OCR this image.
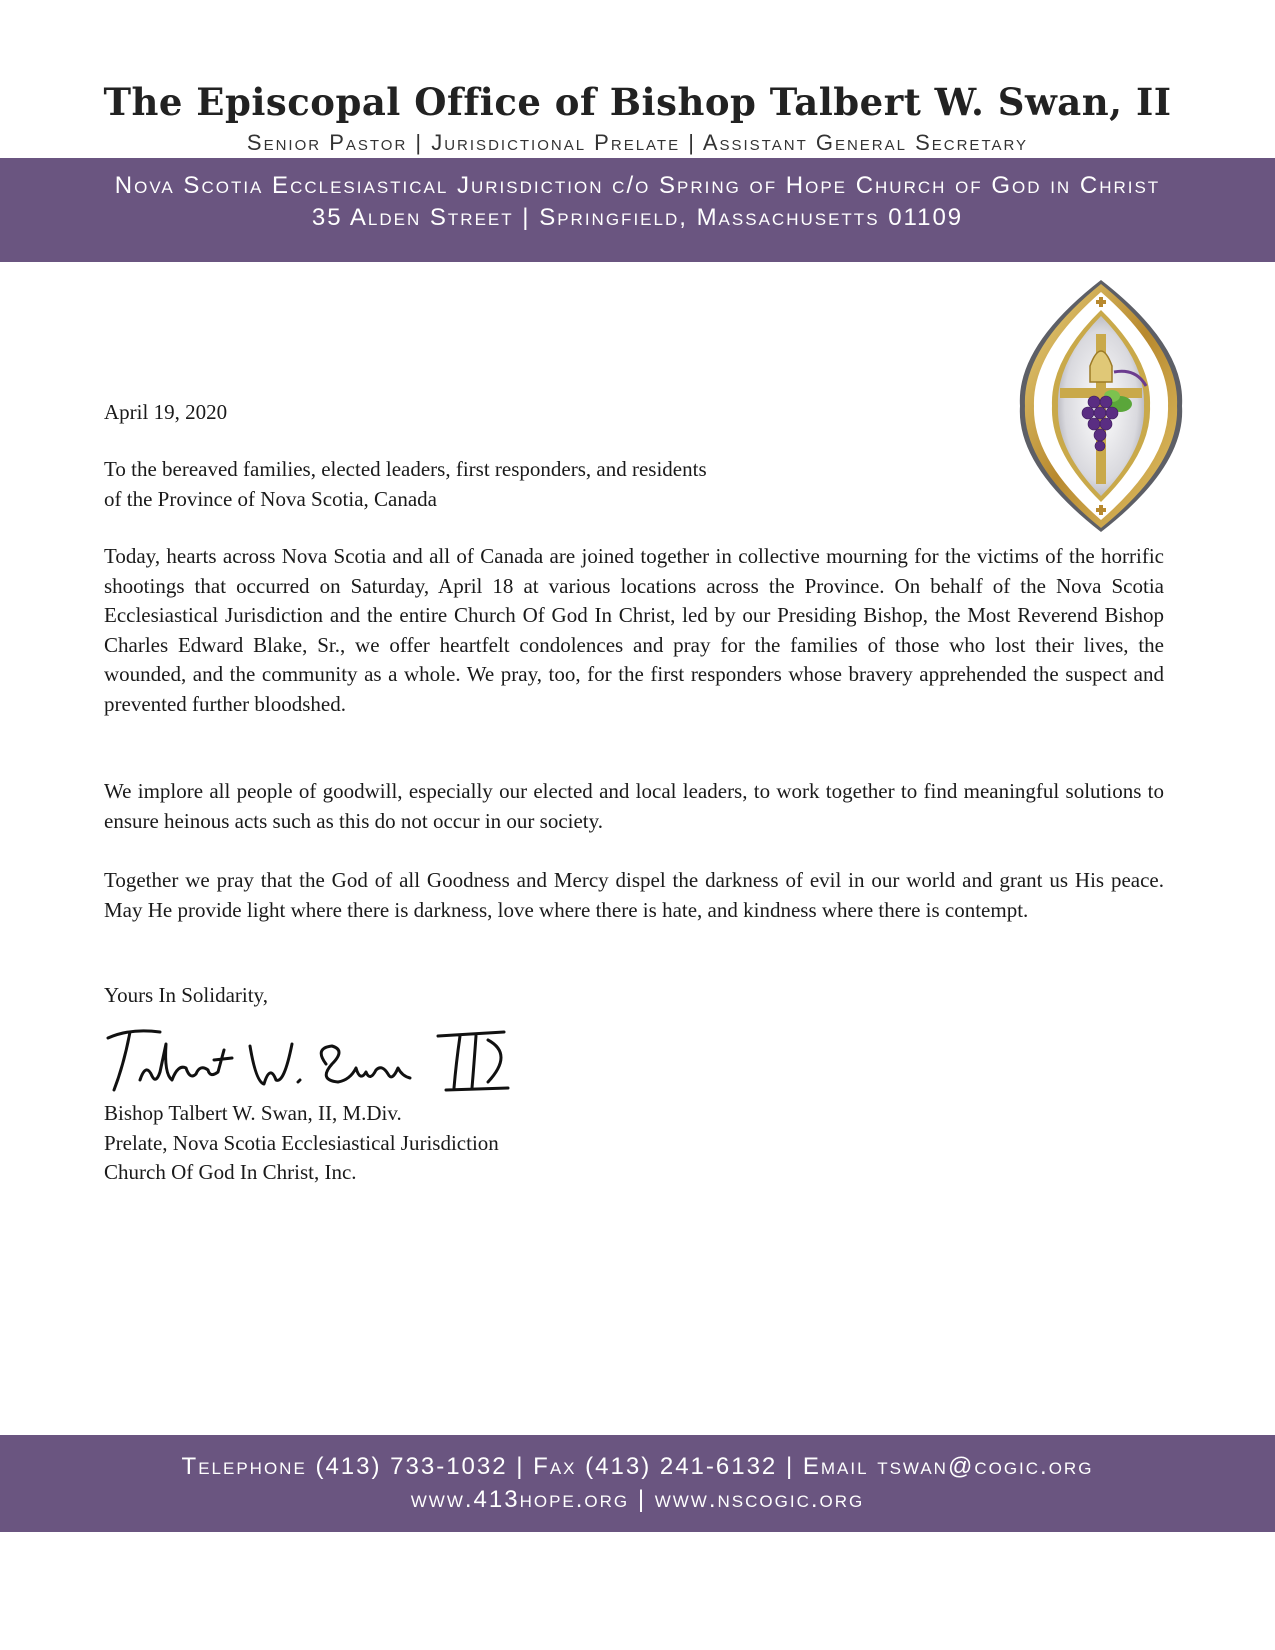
The Episcopal Office of Bishop Talbert W. Swan, II
Senior Pastor | Jurisdictional Prelate | Assistant General Secretary
Nova Scotia Ecclesiastical Jurisdiction c/o Spring of Hope Church of God in Christ
35 Alden Street | Springfield, Massachusetts 01109
April 19, 2020
To the bereaved families, elected leaders, first responders, and residents
of the Province of Nova Scotia, Canada
Today, hearts across Nova Scotia and all of Canada are joined together in collective mourning for the victims of the horrific shootings that occurred on Saturday, April 18 at various locations across the Province. On behalf of the Nova Scotia Ecclesiastical Jurisdiction and the entire Church Of God In Christ, led by our Presiding Bishop, the Most Reverend Bishop Charles Edward Blake, Sr., we offer heartfelt condolences and pray for the families of those who lost their lives, the wounded, and the community as a whole. We pray, too, for the first responders whose bravery apprehended the suspect and prevented further bloodshed.
We implore all people of goodwill, especially our elected and local leaders, to work together to find meaningful solutions to ensure heinous acts such as this do not occur in our society.
Together we pray that the God of all Goodness and Mercy dispel the darkness of evil in our world and grant us His peace. May He provide light where there is darkness, love where there is hate, and kindness where there is contempt.
Yours In Solidarity,
Bishop Talbert W. Swan, II, M.Div.
Prelate, Nova Scotia Ecclesiastical Jurisdiction
Church Of God In Christ, Inc.
Telephone (413) 733-1032 | Fax (413) 241-6132 | Email tswan@cogic.org
www.413hope.org | www.nscogic.org
